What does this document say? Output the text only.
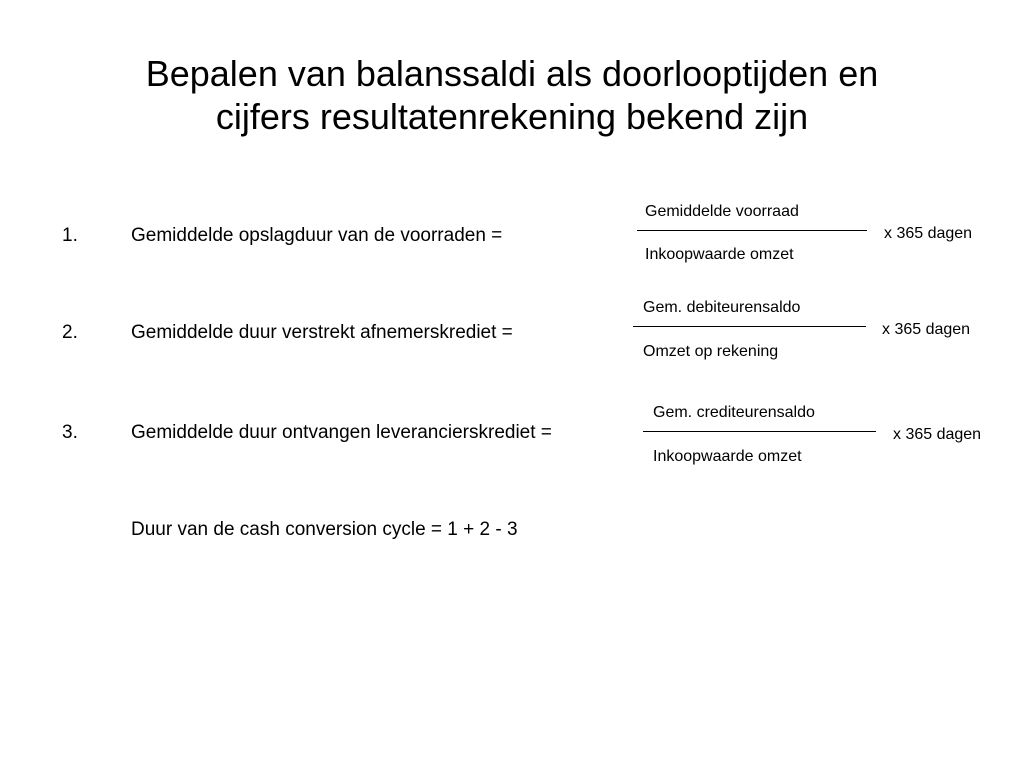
Bepalen van balanssaldi als doorlooptijden en
cijfers resultatenrekening bekend zijn
1.	Gemiddelde opslagduur van de voorraden =
Gemiddelde voorraad
Inkoopwaarde omzet
x 365 dagen
2.	Gemiddelde duur verstrekt afnemerskrediet =
Gem. debiteurensaldo
Omzet op rekening
x 365 dagen
3.	Gemiddelde duur ontvangen leverancierskrediet =
Gem. crediteurensaldo
Inkoopwaarde omzet
x 365 dagen
Duur van de cash conversion cycle = 1 + 2 - 3
